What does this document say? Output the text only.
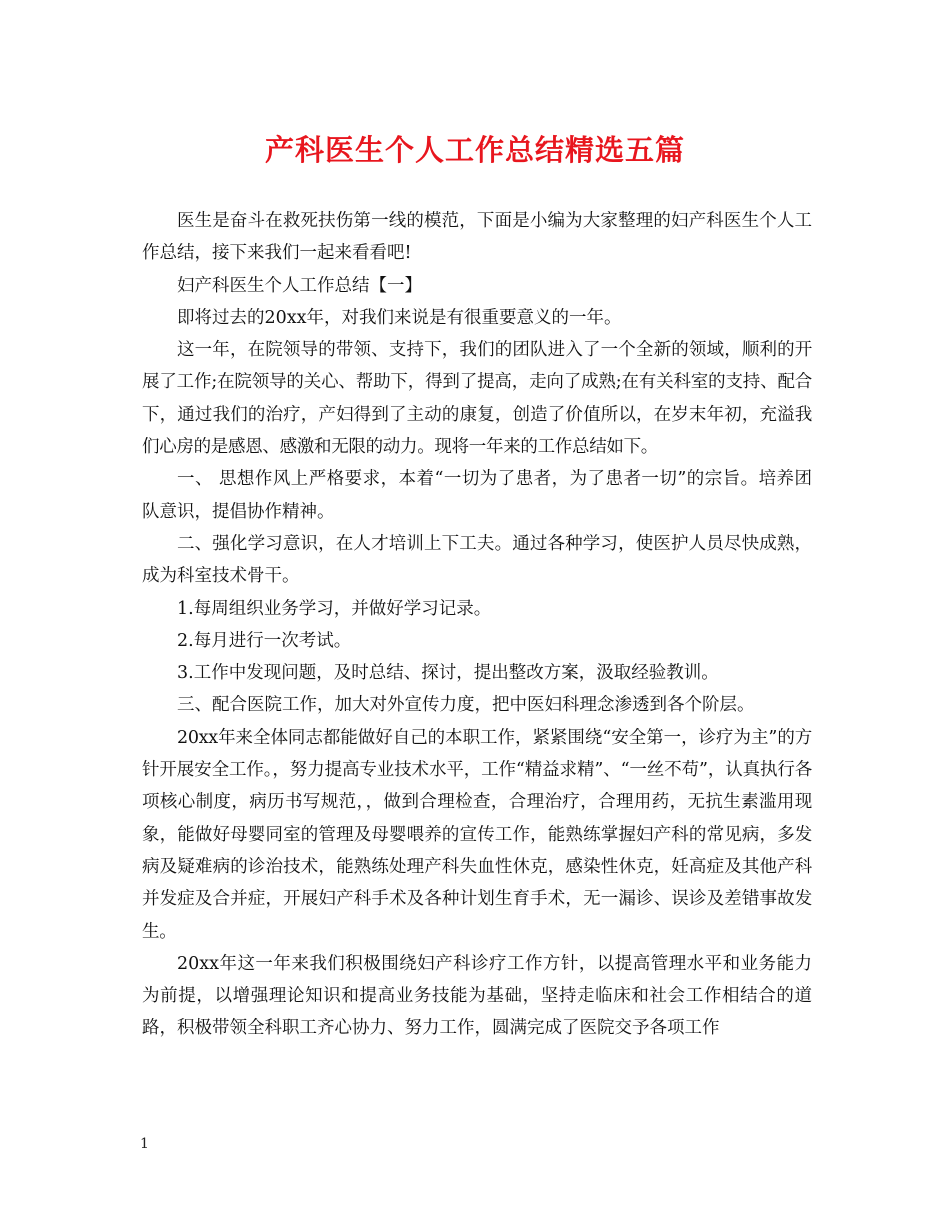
产科医生个人工作总结精选五篇

医生是奋斗在救死扶伤第一线的模范，下面是小编为大家整理的妇产科医生个人工作总结，接下来我们一起来看看吧!

妇产科医生个人工作总结【一】

即将过去的20xx年，对我们来说是有很重要意义的一年。

这一年，在院领导的带领、支持下，我们的团队进入了一个全新的领域，顺利的开展了工作;在院领导的关心、帮助下，得到了提高，走向了成熟;在有关科室的支持、配合下，通过我们的治疗，产妇得到了主动的康复，创造了价值所以，在岁末年初，充溢我们心房的是感恩、感激和无限的动力。现将一年来的工作总结如下。

一、 思想作风上严格要求，本着“一切为了患者，为了患者一切”的宗旨。培养团队意识，提倡协作精神。

二、强化学习意识，在人才培训上下工夫。通过各种学习，使医护人员尽快成熟，成为科室技术骨干。

1.每周组织业务学习，并做好学习记录。

2.每月进行一次考试。

3.工作中发现问题，及时总结、探讨，提出整改方案，汲取经验教训。

三、配合医院工作，加大对外宣传力度，把中医妇科理念渗透到各个阶层。

20xx年来全体同志都能做好自己的本职工作，紧紧围绕“安全第一，诊疗为主”的方针开展安全工作。，努力提高专业技术水平，工作“精益求精”、“一丝不苟”，认真执行各项核心制度，病历书写规范，，做到合理检查，合理治疗，合理用药，无抗生素滥用现象，能做好母婴同室的管理及母婴喂养的宣传工作，能熟练掌握妇产科的常见病，多发病及疑难病的诊治技术，能熟练处理产科失血性休克，感染性休克，妊高症及其他产科并发症及合并症，开展妇产科手术及各种计划生育手术，无一漏诊、误诊及差错事故发生。

20xx年这一年来我们积极围绕妇产科诊疗工作方针，以提高管理水平和业务能力为前提，以增强理论知识和提高业务技能为基础，坚持走临床和社会工作相结合的道路，积极带领全科职工齐心协力、努力工作，圆满完成了医院交予各项工作

1
